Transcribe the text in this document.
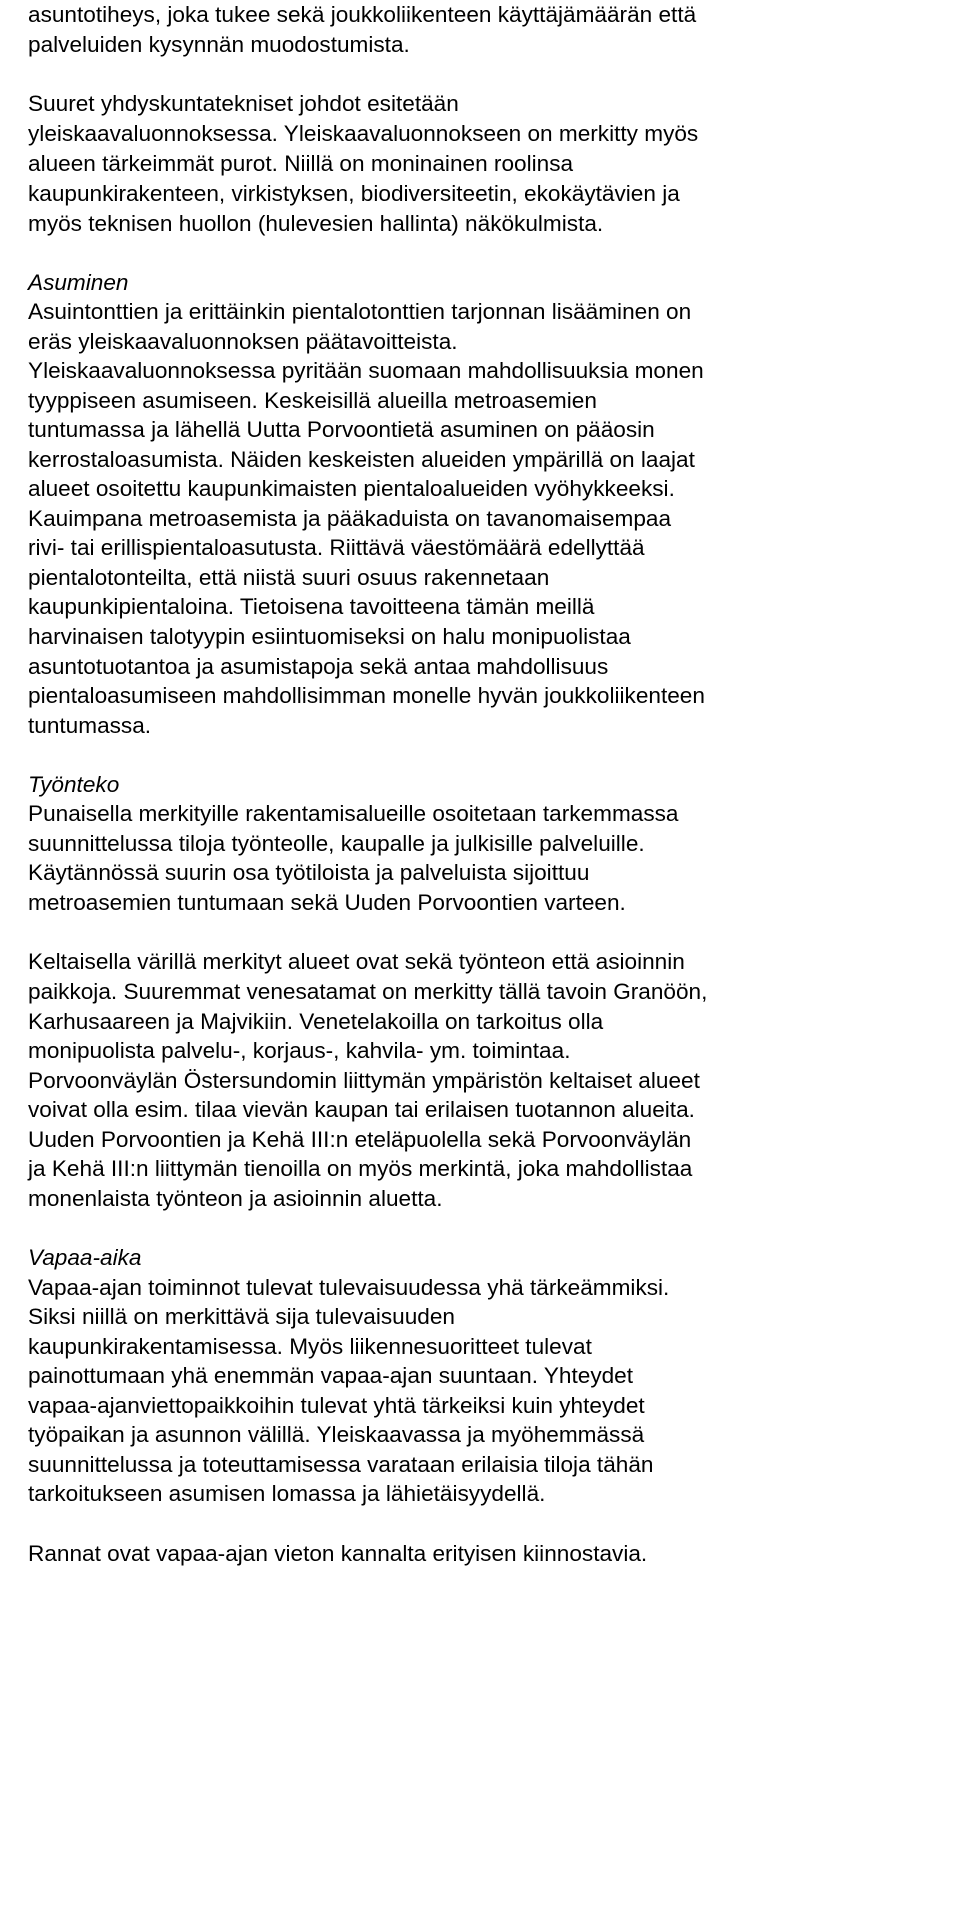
asuntotiheys, joka tukee sekä joukkoliikenteen käyttäjämäärän että
palveluiden kysynnän muodostumista.
Suuret yhdyskuntatekniset johdot esitetään
yleiskaavaluonnoksessa. Yleiskaavaluonnokseen on merkitty myös
alueen tärkeimmät purot. Niillä on moninainen roolinsa
kaupunkirakenteen, virkistyksen, biodiversiteetin, ekokäytävien ja
myös teknisen huollon (hulevesien hallinta) näkökulmista.
Asuminen
Asuintonttien ja erittäinkin pientalotonttien tarjonnan lisääminen on
eräs yleiskaavaluonnoksen päätavoitteista.
Yleiskaavaluonnoksessa pyritään suomaan mahdollisuuksia monen
tyyppiseen asumiseen. Keskeisillä alueilla metroasemien
tuntumassa ja lähellä Uutta Porvoontietä asuminen on pääosin
kerrostaloasumista. Näiden keskeisten alueiden ympärillä on laajat
alueet osoitettu kaupunkimaisten pientaloalueiden vyöhykkeeksi.
Kauimpana metroasemista ja pääkaduista on tavanomaisempaa
rivi- tai erillispientaloasutusta. Riittävä väestömäärä edellyttää
pientalotonteilta, että niistä suuri osuus rakennetaan
kaupunkipientaloina. Tietoisena tavoitteena tämän meillä
harvinaisen talotyypin esiintuomiseksi on halu monipuolistaa
asuntotuotantoa ja asumistapoja sekä antaa mahdollisuus
pientaloasumiseen mahdollisimman monelle hyvän joukkoliikenteen
tuntumassa.
Työnteko
Punaisella merkityille rakentamisalueille osoitetaan tarkemmassa
suunnittelussa tiloja työnteolle, kaupalle ja julkisille palveluille.
Käytännössä suurin osa työtiloista ja palveluista sijoittuu
metroasemien tuntumaan sekä Uuden Porvoontien varteen.
Keltaisella värillä merkityt alueet ovat sekä työnteon että asioinnin
paikkoja. Suuremmat venesatamat on merkitty tällä tavoin Granöön,
Karhusaareen ja Majvikiin. Venetelakoilla on tarkoitus olla
monipuolista palvelu-, korjaus-, kahvila- ym. toimintaa.
Porvoonväylän Östersundomin liittymän ympäristön keltaiset alueet
voivat olla esim. tilaa vievän kaupan tai erilaisen tuotannon alueita.
Uuden Porvoontien ja Kehä III:n eteläpuolella sekä Porvoonväylän
ja Kehä III:n liittymän tienoilla on myös merkintä, joka mahdollistaa
monenlaista työnteon ja asioinnin aluetta.
Vapaa-aika
Vapaa-ajan toiminnot tulevat tulevaisuudessa yhä tärkeämmiksi.
Siksi niillä on merkittävä sija tulevaisuuden
kaupunkirakentamisessa. Myös liikennesuoritteet tulevat
painottumaan yhä enemmän vapaa-ajan suuntaan. Yhteydet
vapaa-ajanviettopaikkoihin tulevat yhtä tärkeiksi kuin yhteydet
työpaikan ja asunnon välillä. Yleiskaavassa ja myöhemmässä
suunnittelussa ja toteuttamisessa varataan erilaisia tiloja tähän
tarkoitukseen asumisen lomassa ja lähietäisyydellä.
Rannat ovat vapaa-ajan vieton kannalta erityisen kiinnostavia.
